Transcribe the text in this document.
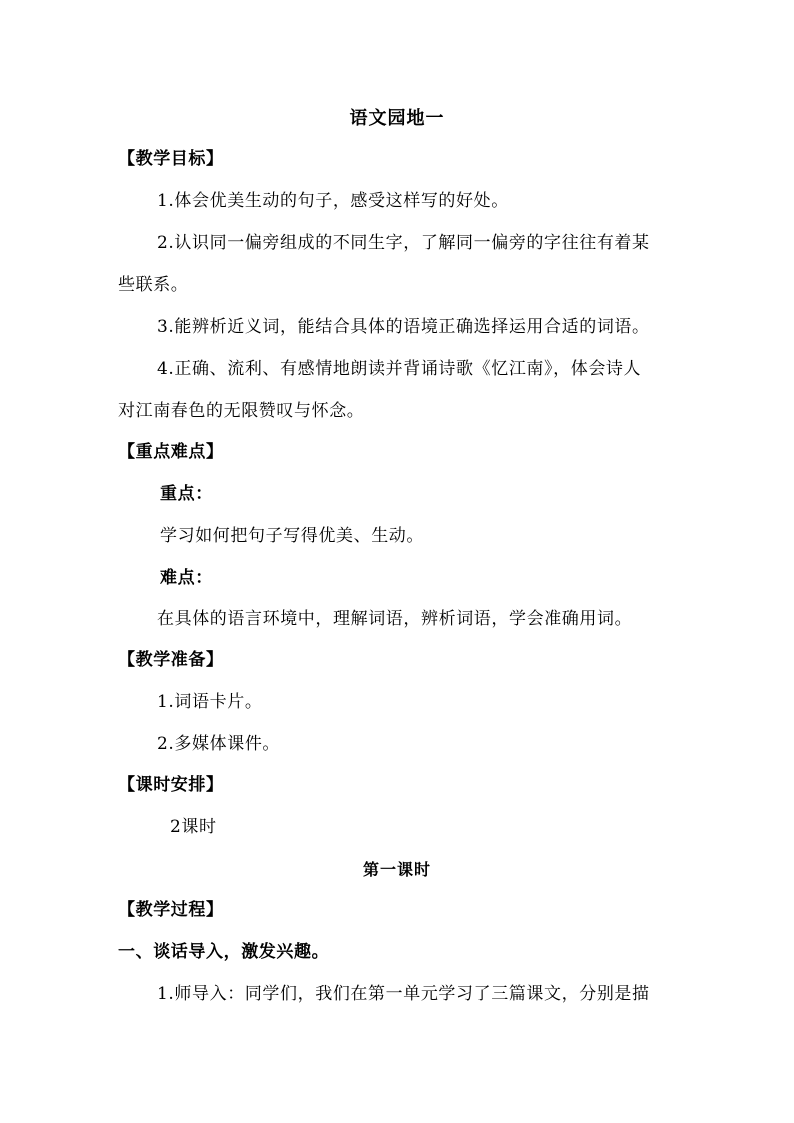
语文园地一
【教学目标】
1.体会优美生动的句子，感受这样写的好处。
2.认识同一偏旁组成的不同生字，了解同一偏旁的字往往有着某
些联系。
3.能辨析近义词，能结合具体的语境正确选择运用合适的词语。
4.正确、流利、有感情地朗读并背诵诗歌《忆江南》，体会诗人
对江南春色的无限赞叹与怀念。
【重点难点】
重点：
学习如何把句子写得优美、生动。
难点：
在具体的语言环境中，理解词语，辨析词语，学会准确用词。
【教学准备】
1.词语卡片。
2.多媒体课件。
【课时安排】
2课时
第一课时
【教学过程】
一、谈话导入，激发兴趣。
1.师导入：同学们，我们在第一单元学习了三篇课文，分别是描
